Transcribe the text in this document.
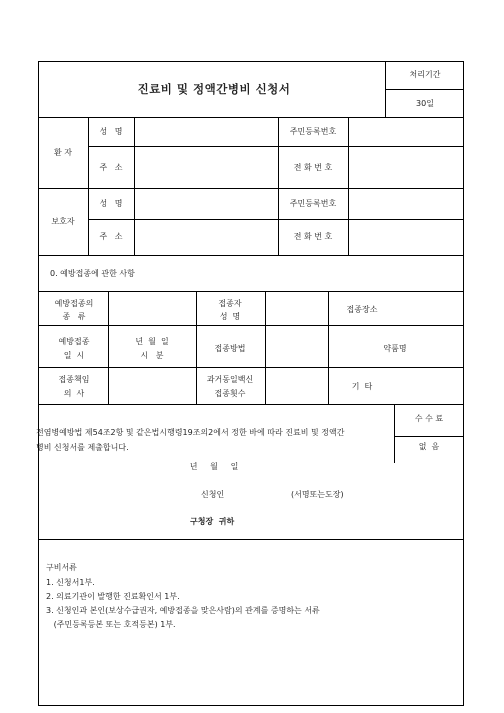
진료비 및 정액간병비 신청서
처리기간
30일
환 자
성   명
주   소
주민등록번호
전 화 번 호
보호자
성   명
주   소
주민등록번호
전 화 번 호
0. 예방접종에 관한 사항
예방접종의
종   류
접종자
성  명
접종장소
예방접종
일  시
년  월  일
시   분
접종방법	약품명
접종책임
의  사
과거동일백신
접종횟수
기  타
전염병예방법 제54조2항 및 같은법시행령19조의2에서 정한 바에 따라 진료비 및 정액간
병비 신청서를 제출합니다.
수 수 료
없  음
년     월     일
신청인	(서명또는도장)
구청장  귀하
구비서류
1. 신청서1부.
2. 의료기관이 발행한 진료확인서 1부.
3. 신청인과 본인(보상수급권자, 예방접종을 맞은사람)의 관계를 증명하는 서류
(주민등록등본 또는 호적등본) 1부.
